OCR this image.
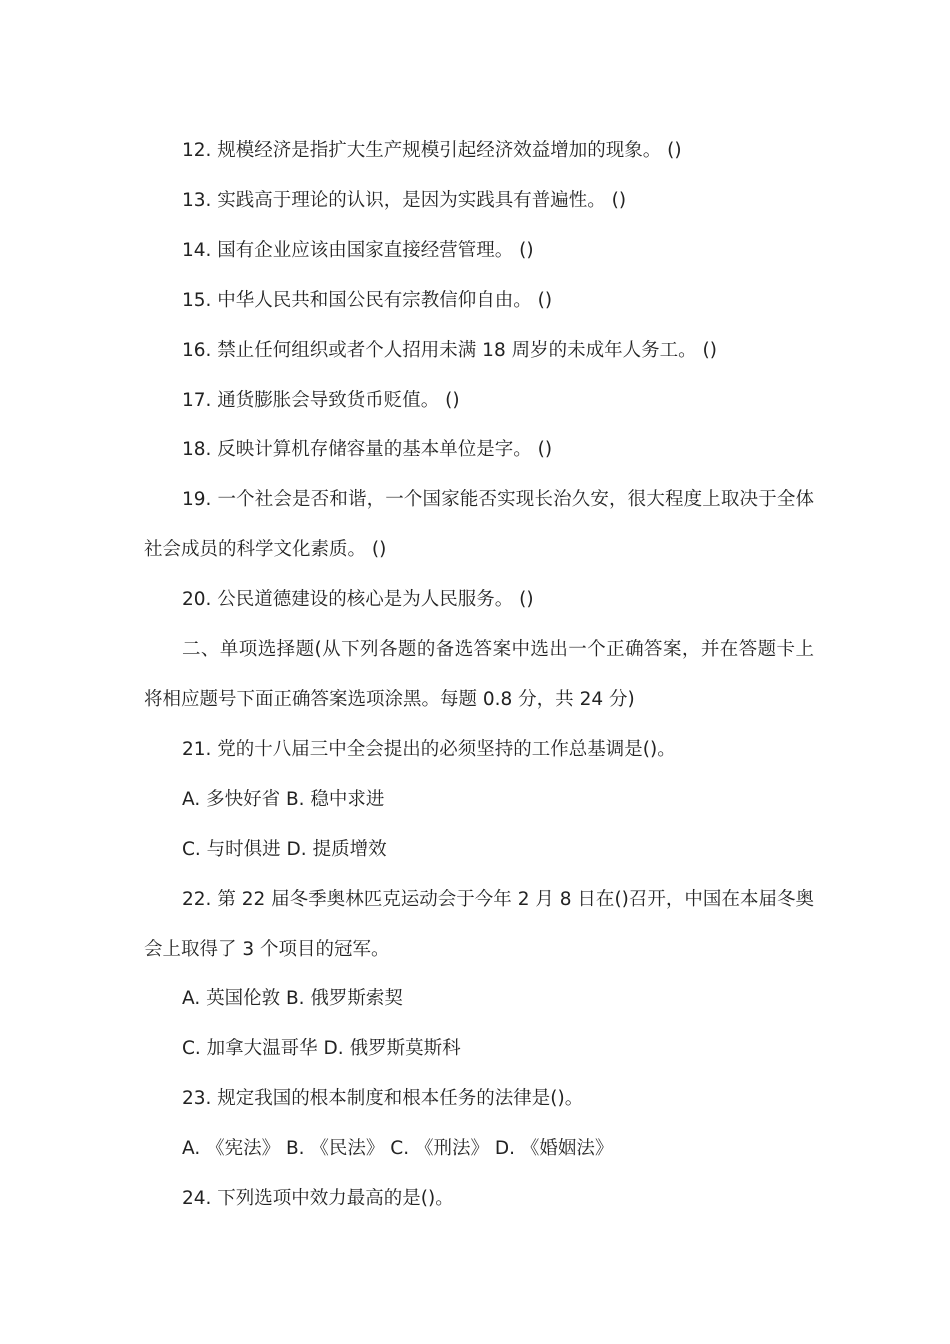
12. 规模经济是指扩大生产规模引起经济效益增加的现象。 ()

13. 实践高于理论的认识，是因为实践具有普遍性。 ()

14. 国有企业应该由国家直接经营管理。 ()

15. 中华人民共和国公民有宗教信仰自由。 ()

16. 禁止任何组织或者个人招用未满 18 周岁的未成年人务工。 ()

17. 通货膨胀会导致货币贬值。 ()

18. 反映计算机存储容量的基本单位是字。 ()

19. 一个社会是否和谐，一个国家能否实现长治久安，很大程度上取决于全体社会成员的科学文化素质。 ()

20. 公民道德建设的核心是为人民服务。 ()

二、单项选择题(从下列各题的备选答案中选出一个正确答案，并在答题卡上将相应题号下面正确答案选项涂黑。每题 0.8 分，共 24 分)

21. 党的十八届三中全会提出的必须坚持的工作总基调是()。

A. 多快好省 B. 稳中求进

C. 与时俱进 D. 提质增效

22. 第 22 届冬季奥林匹克运动会于今年 2 月 8 日在()召开，中国在本届冬奥会上取得了 3 个项目的冠军。

A. 英国伦敦 B. 俄罗斯索契

C. 加拿大温哥华 D. 俄罗斯莫斯科

23. 规定我国的根本制度和根本任务的法律是()。

A. 《宪法》 B. 《民法》 C. 《刑法》 D. 《婚姻法》

24. 下列选项中效力最高的是()。
